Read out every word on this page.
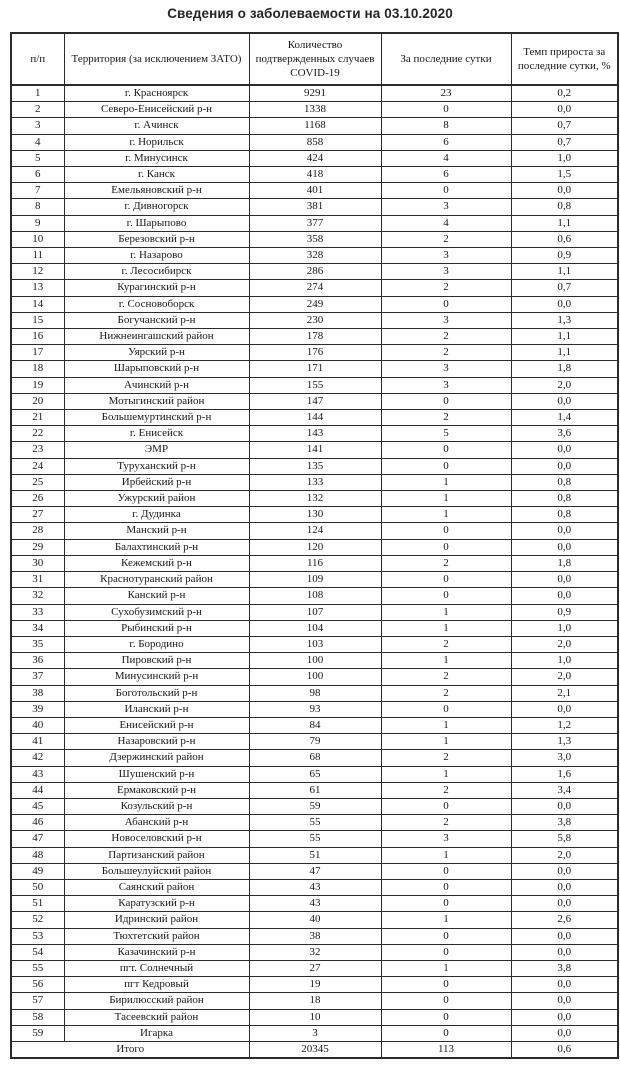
Сведения о заболеваемости на 03.10.2020
п/п	Территория (за исключением ЗАТО)	Количество подтвержденных случаев COVID-19	За последние сутки	Темп прироста за последние сутки, %
1	г. Красноярск	9291	23	0,2
2	Северо-Енисейский р-н	1338	0	0,0
3	г. Ачинск	1168	8	0,7
4	г. Норильск	858	6	0,7
5	г. Минусинск	424	4	1,0
6	г. Канск	418	6	1,5
7	Емельяновский р-н	401	0	0,0
8	г. Дивногорск	381	3	0,8
9	г. Шарыпово	377	4	1,1
10	Березовский р-н	358	2	0,6
11	г. Назарово	328	3	0,9
12	г. Лесосибирск	286	3	1,1
13	Курагинский р-н	274	2	0,7
14	г. Сосновоборск	249	0	0,0
15	Богучанский р-н	230	3	1,3
16	Нижнеингашский район	178	2	1,1
17	Уярский р-н	176	2	1,1
18	Шарыповский р-н	171	3	1,8
19	Ачинский р-н	155	3	2,0
20	Мотыгинский район	147	0	0,0
21	Большемуртинский р-н	144	2	1,4
22	г. Енисейск	143	5	3,6
23	ЭМР	141	0	0,0
24	Туруханский р-н	135	0	0,0
25	Ирбейский р-н	133	1	0,8
26	Ужурский район	132	1	0,8
27	г. Дудинка	130	1	0,8
28	Манский р-н	124	0	0,0
29	Балахтинский р-н	120	0	0,0
30	Кежемский р-н	116	2	1,8
31	Краснотуранский район	109	0	0,0
32	Канский р-н	108	0	0,0
33	Сухобузимский р-н	107	1	0,9
34	Рыбинский р-н	104	1	1,0
35	г. Бородино	103	2	2,0
36	Пировский р-н	100	1	1,0
37	Минусинский р-н	100	2	2,0
38	Боготольский р-н	98	2	2,1
39	Иланский р-н	93	0	0,0
40	Енисейский р-н	84	1	1,2
41	Назаровский р-н	79	1	1,3
42	Дзержинский район	68	2	3,0
43	Шушенский р-н	65	1	1,6
44	Ермаковский р-н	61	2	3,4
45	Козульский р-н	59	0	0,0
46	Абанский р-н	55	2	3,8
47	Новоселовский р-н	55	3	5,8
48	Партизанский район	51	1	2,0
49	Большеулуйский район	47	0	0,0
50	Саянский район	43	0	0,0
51	Каратузский р-н	43	0	0,0
52	Идринский район	40	1	2,6
53	Тюхтетский район	38	0	0,0
54	Казачинский р-н	32	0	0,0
55	пгт. Солнечный	27	1	3,8
56	пгт Кедровый	19	0	0,0
57	Бирилюсский район	18	0	0,0
58	Тасеевский район	10	0	0,0
59	Игарка	3	0	0,0
Итого		20345	113	0,6
